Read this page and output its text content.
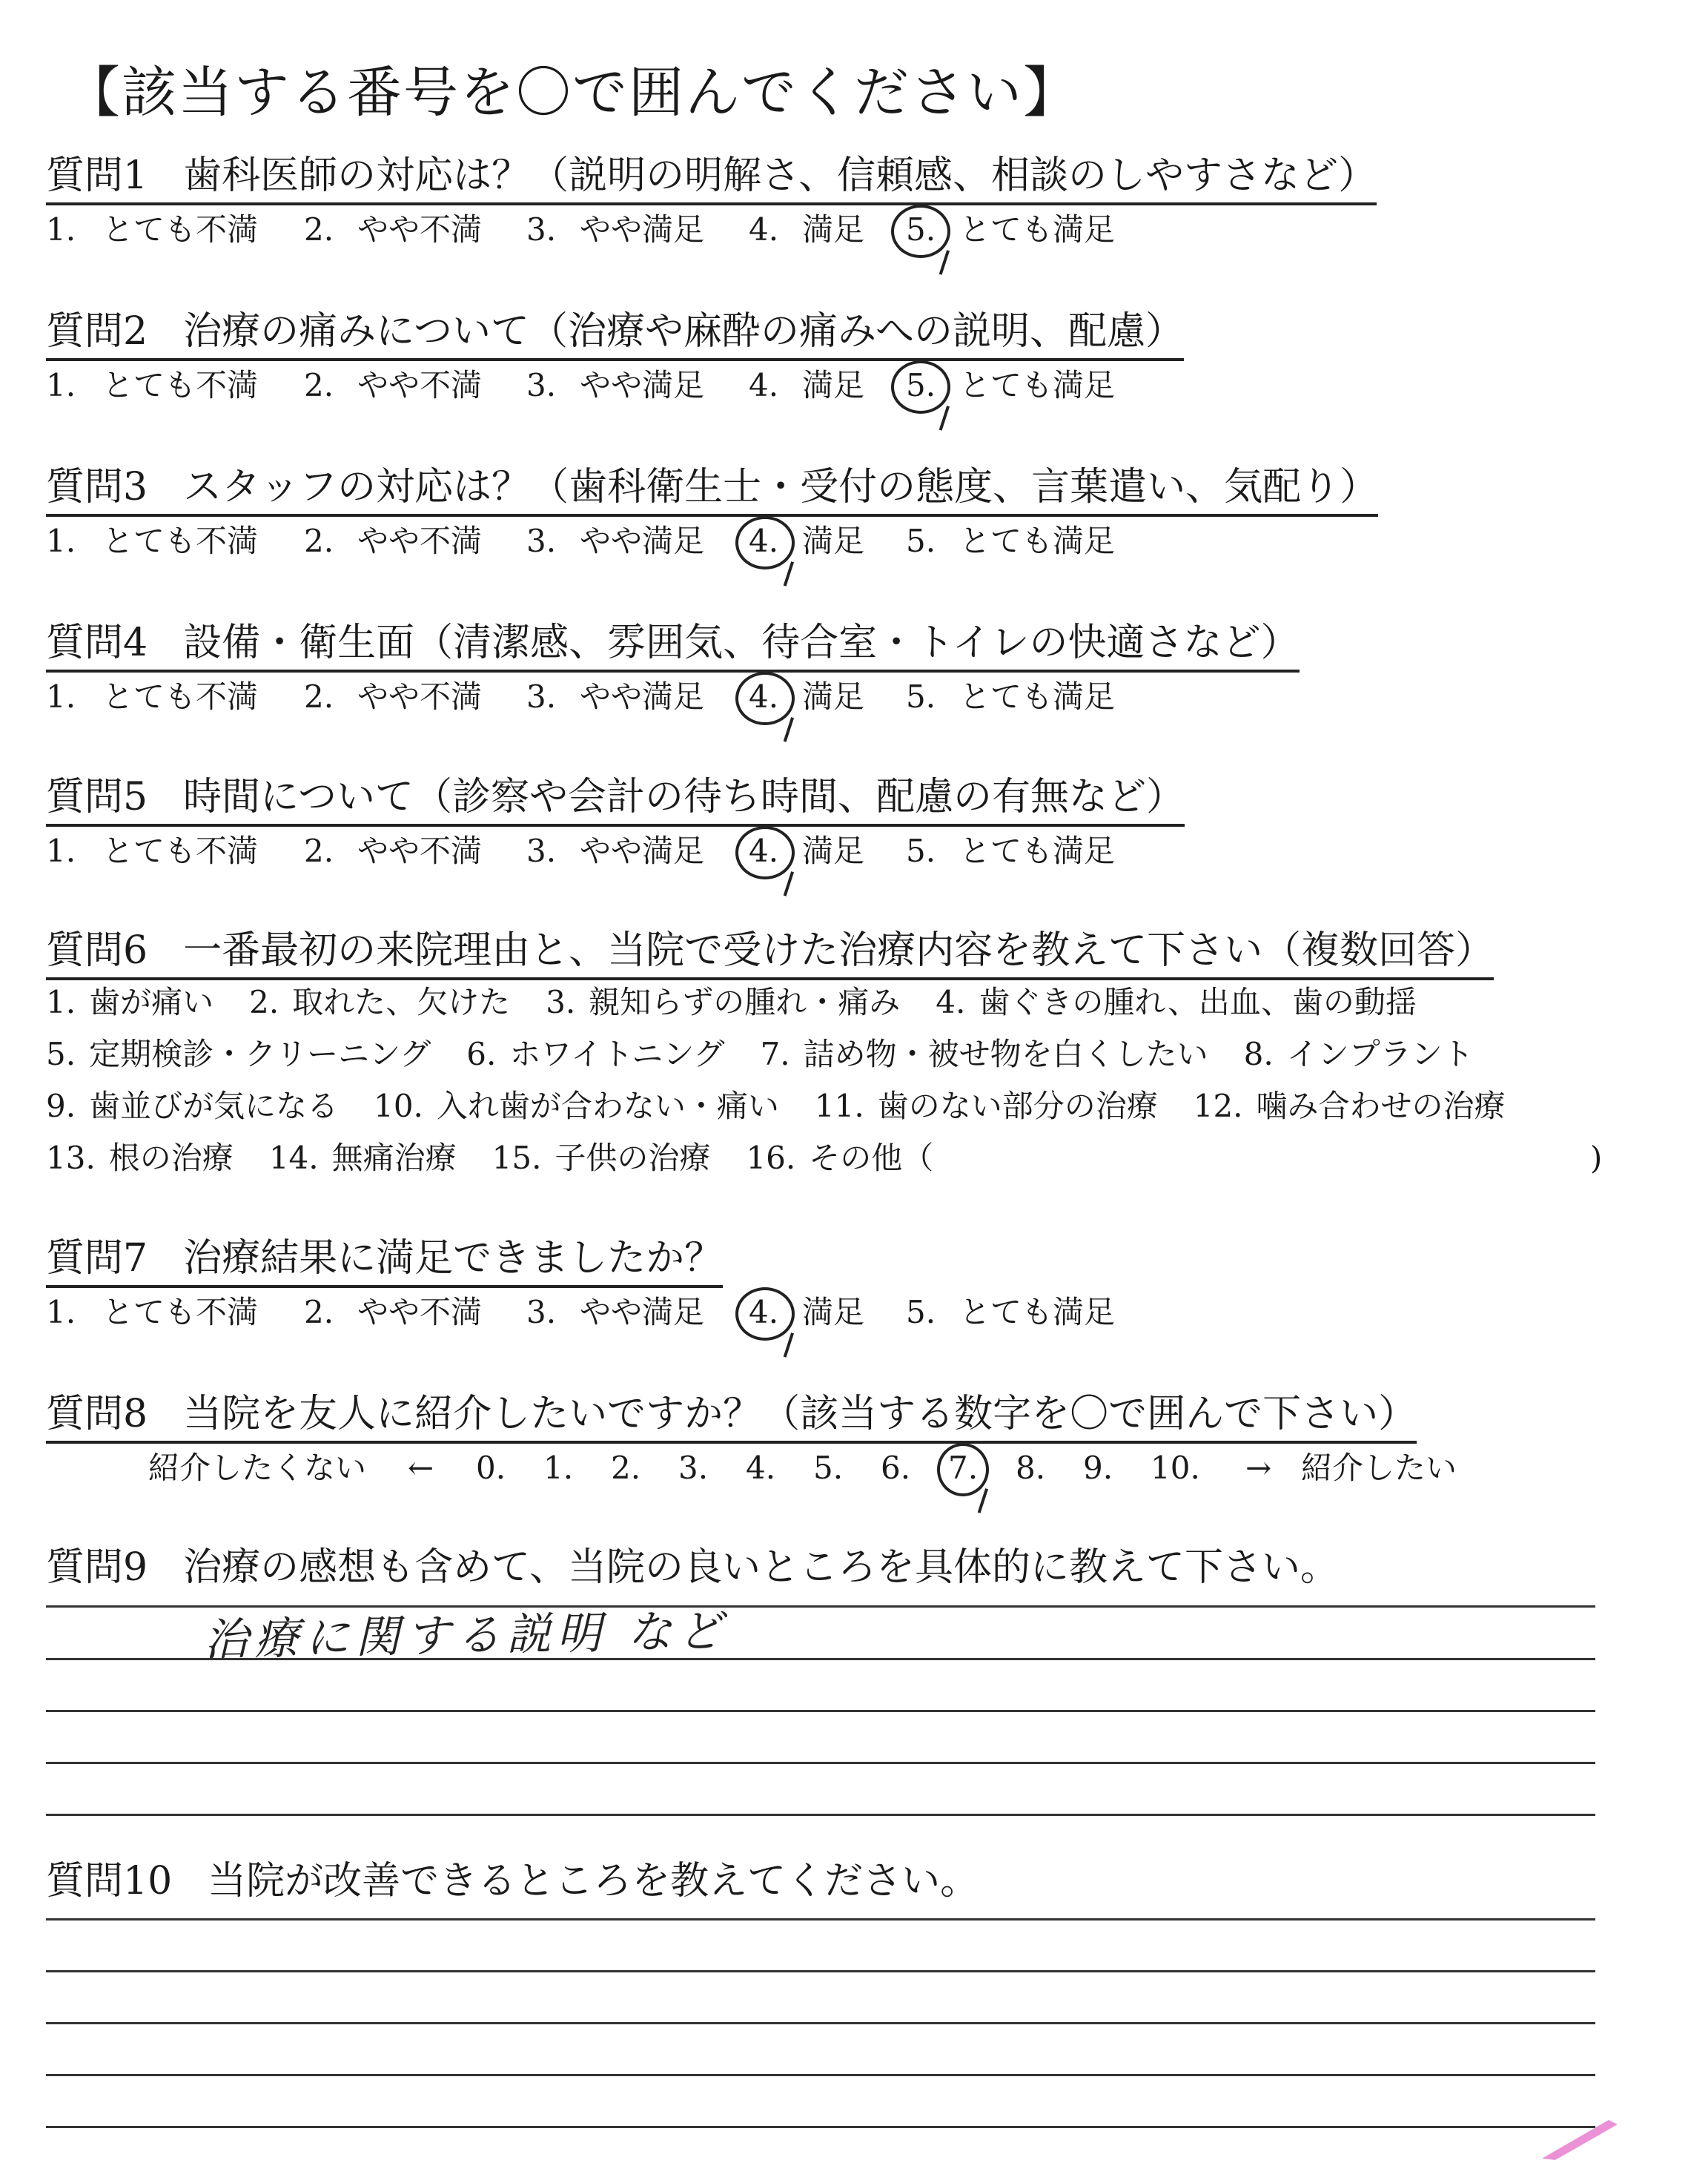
【該当する番号を〇で囲んでください】
質問1 歯科医師の対応は？（説明の明解さ、信頼感、相談のしやすさなど）
1. とても不満 2. やや不満 3. やや満足 4. 満足 5. とても満足
質問2 治療の痛みについて（治療や麻酔の痛みへの説明、配慮）
1. とても不満 2. やや不満 3. やや満足 4. 満足 5. とても満足
質問3 スタッフの対応は？（歯科衛生士・受付の態度、言葉遣い、気配り）
1. とても不満 2. やや不満 3. やや満足 4. 満足 5. とても満足
質問4 設備・衛生面（清潔感、雰囲気、待合室・トイレの快適さなど）
1. とても不満 2. やや不満 3. やや満足 4. 満足 5. とても満足
質問5 時間について（診察や会計の待ち時間、配慮の有無など）
1. とても不満 2. やや不満 3. やや満足 4. 満足 5. とても満足
質問6 一番最初の来院理由と、当院で受けた治療内容を教えて下さい（複数回答）
1. 歯が痛い 2. 取れた、欠けた 3. 親知らずの腫れ・痛み 4. 歯ぐきの腫れ、出血、歯の動揺
5. 定期検診・クリーニング 6. ホワイトニング 7. 詰め物・被せ物を白くしたい 8. インプラント
9. 歯並びが気になる 10. 入れ歯が合わない・痛い 11. 歯のない部分の治療 12. 噛み合わせの治療
13. 根の治療 14. 無痛治療 15. 子供の治療 16. その他（	)
質問7 治療結果に満足できましたか？
1. とても不満 2. やや不満 3. やや満足 4. 満足 5. とても満足
質問8 当院を友人に紹介したいですか？（該当する数字を〇で囲んで下さい）
紹介したくない ← 0. 1. 2. 3. 4. 5. 6. 7. 8. 9. 10. → 紹介したい
質問9 治療の感想も含めて、当院の良いところを具体的に教えて下さい。
治療に関する説明 など
質問10 当院が改善できるところを教えてください。
